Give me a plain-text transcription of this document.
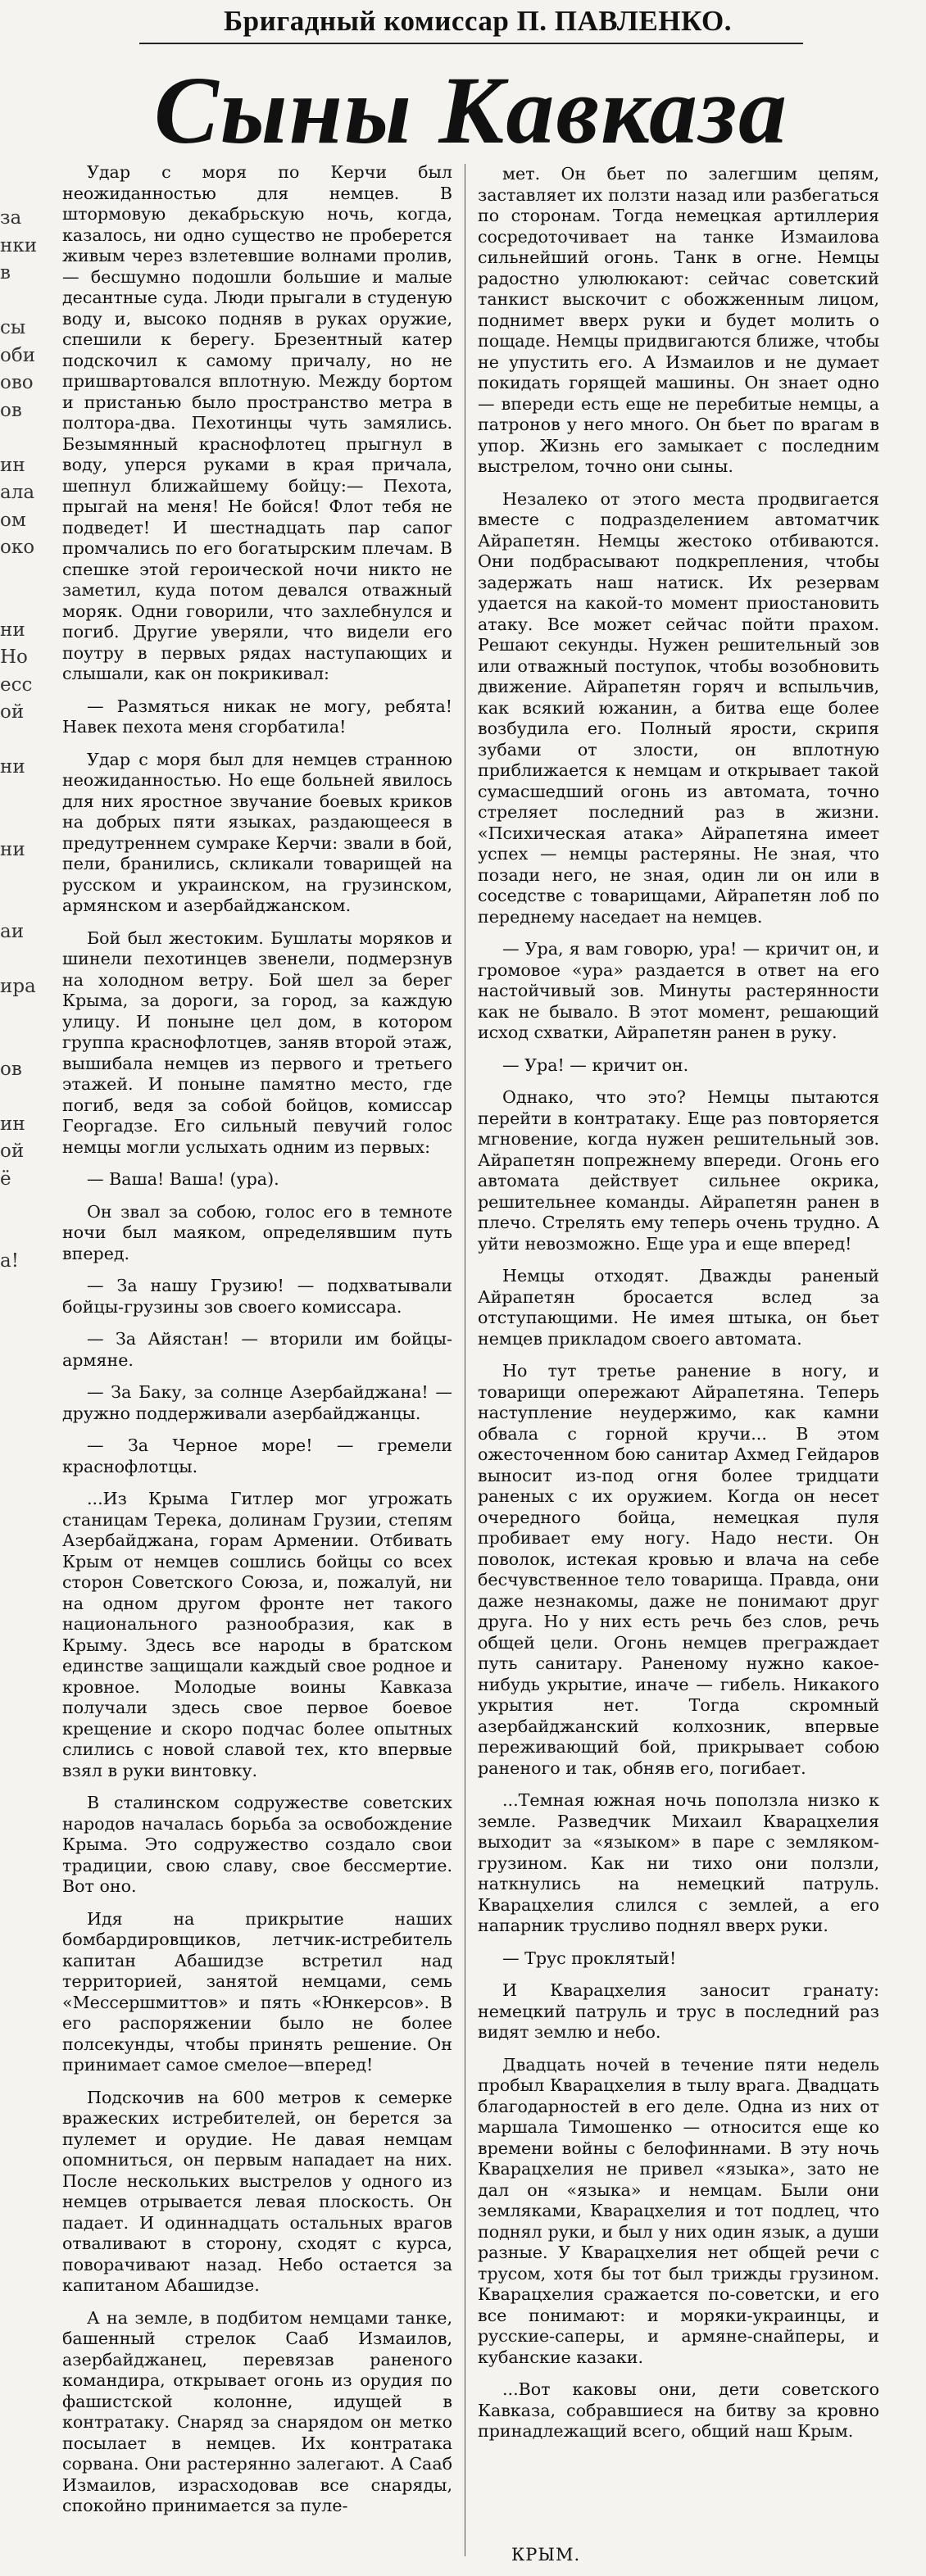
Бригадный комиссар П. ПАВЛЕНКО.
Сыны Кавказа
за
нки
в
сы
оби
ово
ов
ин
ала
ом
око
ни
Но
есс
ой
ни
ни
аи
ира
ов
ин
ой
ё
а!

Удар с моря по Керчи был неожиданностью для немцев. В штормовую декабрьскую ночь, когда, казалось, ни одно существо не проберется живым через взлетевшие волнами пролив,— бесшумно подошли большие и малые десантные суда. Люди прыгали в студеную воду и, высоко подняв в руках оружие, спешили к берегу. Брезентный катер подскочил к самому причалу, но не пришвартовался вплотную. Между бортом и пристанью было пространство метра в полтора-два. Пехотинцы чуть замялись. Безымянный краснофлотец прыгнул в воду, уперся руками в края причала, шепнул ближайшему бойцу:— Пехота, прыгай на меня! Не бойся! Флот тебя не подведет! И шестнадцать пар сапог промчались по его богатырским плечам. В спешке этой героической ночи никто не заметил, куда потом девался отважный моряк. Одни говорили, что захлебнулся и погиб. Другие уверяли, что видели его поутру в первых рядах наступающих и слышали, как он покрикивал:

— Размяться никак не могу, ребята! Навек пехота меня сгорбатила!

Удар с моря был для немцев странною неожиданностью. Но еще больней явилось для них яростное звучание боевых криков на добрых пяти языках, раздающееся в предутреннем сумраке Керчи: звали в бой, пели, бранились, скликали товарищей на русском и украинском, на грузинском, армянском и азербайджанском.

Бой был жестоким. Бушлаты моряков и шинели пехотинцев звенели, подмерзнув на холодном ветру. Бой шел за берег Крыма, за дороги, за город, за каждую улицу. И поныне цел дом, в котором группа краснофлотцев, заняв второй этаж, вышибала немцев из первого и третьего этажей. И поныне памятно место, где погиб, ведя за собой бойцов, комиссар Георгадзе. Его сильный певучий голос немцы могли услыхать одним из первых:

— Ваша! Ваша! (ура).

Он звал за собою, голос его в темноте ночи был маяком, определявшим путь вперед.

— За нашу Грузию! — подхватывали бойцы-грузины зов своего комиссара.

— За Айястан! — вторили им бойцы-армяне.

— За Баку, за солнце Азербайджана! — дружно поддерживали азербайджанцы.

— За Черное море! — гремели краснофлотцы.

...Из Крыма Гитлер мог угрожать станицам Терека, долинам Грузии, степям Азербайджана, горам Армении. Отбивать Крым от немцев сошлись бойцы со всех сторон Советского Союза, и, пожалуй, ни на одном другом фронте нет такого национального разнообразия, как в Крыму. Здесь все народы в братском единстве защищали каждый свое родное и кровное. Молодые воины Кавказа получали здесь свое первое боевое крещение и скоро подчас более опытных слились с новой славой тех, кто впервые взял в руки винтовку.

В сталинском содружестве советских народов началась борьба за освобождение Крыма. Это содружество создало свои традиции, свою славу, свое бессмертие. Вот оно.

Идя на прикрытие наших бомбардировщиков, летчик-истребитель капитан Абашидзе встретил над территорией, занятой немцами, семь «Мессершмиттов» и пять «Юнкерсов». В его распоряжении было не более полсекунды, чтобы принять решение. Он принимает самое смелое—вперед!

Подскочив на 600 метров к семерке вражеских истребителей, он берется за пулемет и орудие. Не давая немцам опомниться, он первым нападает на них. После нескольких выстрелов у одного из немцев отрывается левая плоскость. Он падает. И одиннадцать остальных врагов отваливают в сторону, сходят с курса, поворачивают назад. Небо остается за капитаном Абашидзе.

А на земле, в подбитом немцами танке, башенный стрелок Сааб Измаилов, азербайджанец, перевязав раненого командира, открывает огонь из орудия по фашистской колонне, идущей в контратаку. Снаряд за снарядом он метко посылает в немцев. Их контратака сорвана. Они растерянно залегают. А Сааб Измаилов, израсходовав все снаряды, спокойно принимается за пуле-

мет. Он бьет по залегшим цепям, заставляет их ползти назад или разбегаться по сторонам. Тогда немецкая артиллерия сосредоточивает на танке Измаилова сильнейший огонь. Танк в огне. Немцы радостно улюлюкают: сейчас советский танкист выскочит с обожженным лицом, поднимет вверх руки и будет молить о пощаде. Немцы придвигаются ближе, чтобы не упустить его. А Измаилов и не думает покидать горящей машины. Он знает одно — впереди есть еще не перебитые немцы, а патронов у него много. Он бьет по врагам в упор. Жизнь его замыкает с последним выстрелом, точно они сыны.

Незалеко от этого места продвигается вместе с подразделением автоматчик Айрапетян. Немцы жестоко отбиваются. Они подбрасывают подкрепления, чтобы задержать наш натиск. Их резервам удается на какой-то момент приостановить атаку. Все может сейчас пойти прахом. Решают секунды. Нужен решительный зов или отважный поступок, чтобы возобновить движение. Айрапетян горяч и вспыльчив, как всякий южанин, а битва еще более возбудила его. Полный ярости, скрипя зубами от злости, он вплотную приближается к немцам и открывает такой сумасшедший огонь из автомата, точно стреляет последний раз в жизни. «Психическая атака» Айрапетяна имеет успех — немцы растеряны. Не зная, что позади него, не зная, один ли он или в соседстве с товарищами, Айрапетян лоб по переднему наседает на немцев.

— Ура, я вам говорю, ура! — кричит он, и громовое «ура» раздается в ответ на его настойчивый зов. Минуты растерянности как не бывало. В этот момент, решающий исход схватки, Айрапетян ранен в руку.

— Ура! — кричит он.

Однако, что это? Немцы пытаются перейти в контратаку. Еще раз повторяется мгновение, когда нужен решительный зов. Айрапетян попрежнему впереди. Огонь его автомата действует сильнее окрика, решительнее команды. Айрапетян ранен в плечо. Стрелять ему теперь очень трудно. А уйти невозможно. Еще ура и еще вперед!

Немцы отходят. Дважды раненый Айрапетян бросается вслед за отступающими. Не имея штыка, он бьет немцев прикладом своего автомата.

Но тут третье ранение в ногу, и товарищи опережают Айрапетяна. Теперь наступление неудержимо, как камни обвала с горной кручи... В этом ожесточенном бою санитар Ахмед Гейдаров выносит из-под огня более тридцати раненых с их оружием. Когда он несет очередного бойца, немецкая пуля пробивает ему ногу. Надо нести. Он поволок, истекая кровью и влача на себе бесчувственное тело товарища. Правда, они даже незнакомы, даже не понимают друг друга. Но у них есть речь без слов, речь общей цели. Огонь немцев преграждает путь санитару. Раненому нужно какое-нибудь укрытие, иначе — гибель. Никакого укрытия нет. Тогда скромный азербайджанский колхозник, впервые переживающий бой, прикрывает собою раненого и так, обняв его, погибает.

...Темная южная ночь поползла низко к земле. Разведчик Михаил Кварацхелия выходит за «языком» в паре с земляком-грузином. Как ни тихо они ползли, наткнулись на немецкий патруль. Кварацхелия слился с землей, а его напарник трусливо поднял вверх руки.

— Трус проклятый!

И Кварацхелия заносит гранату: немецкий патруль и трус в последний раз видят землю и небо.

Двадцать ночей в течение пяти недель пробыл Кварацхелия в тылу врага. Двадцать благодарностей в его деле. Одна из них от маршала Тимошенко — относится еще ко времени войны с белофиннами. В эту ночь Кварацхелия не привел «языка», зато не дал он «языка» и немцам. Были они земляками, Кварацхелия и тот подлец, что поднял руки, и был у них один язык, а души разные. У Кварацхелия нет общей речи с трусом, хотя бы тот был трижды грузином. Кварацхелия сражается по-советски, и его все понимают: и моряки-украинцы, и русские-саперы, и армяне-снайперы, и кубанские казаки.

...Вот каковы они, дети советского Кавказа, собравшиеся на битву за кровно принадлежащий всего, общий наш Крым.

КРЫМ.
